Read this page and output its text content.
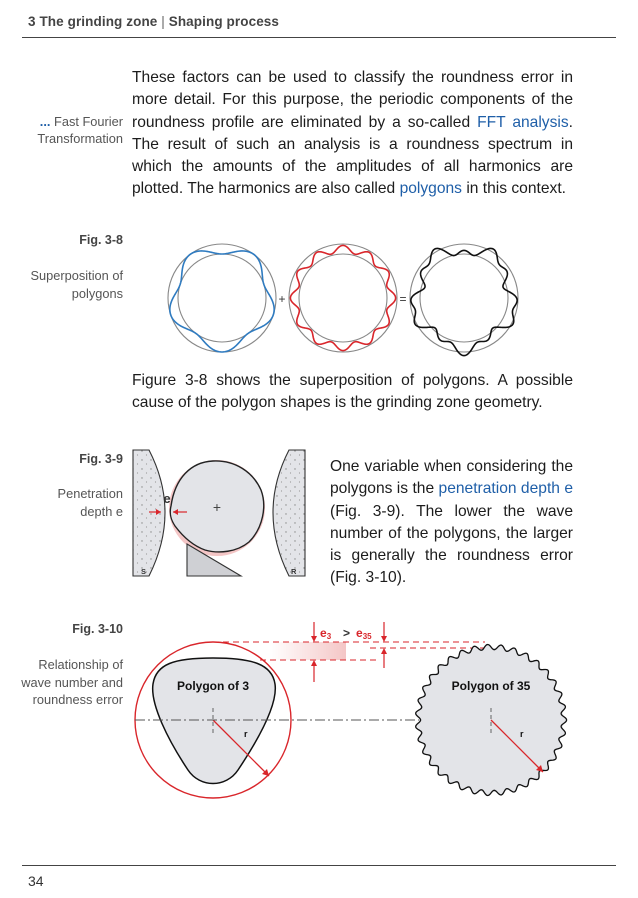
3 The grinding zone | Shaping process
... Fast Fourier
Transformation
These factors can be used to classify the roundness error in more detail. For this purpose, the periodic components of the roundness profile are eliminated by a so-called FFT analysis. The result of such an analysis is a roundness spectrum in which the amounts of the amplitudes of all harmonics are plotted. The harmonics are also called polygons in this context.
Fig. 3-8
Superposition of polygons	+	=
Figure 3-8 shows the superposition of polygons. A possible cause of the polygon shapes is the grinding zone geometry.
Fig. 3-9
Penetration depth e	+
e
S	R
One variable when considering the polygons is the penetration depth e (Fig. 3-9). The lower the wave number of the polygons, the larger is generally the roundness error (Fig. 3-10).
Fig. 3-10
Relationship of wave number and roundness error
e3 > e35
Polygon of 3
r
Polygon of 35
r
34
